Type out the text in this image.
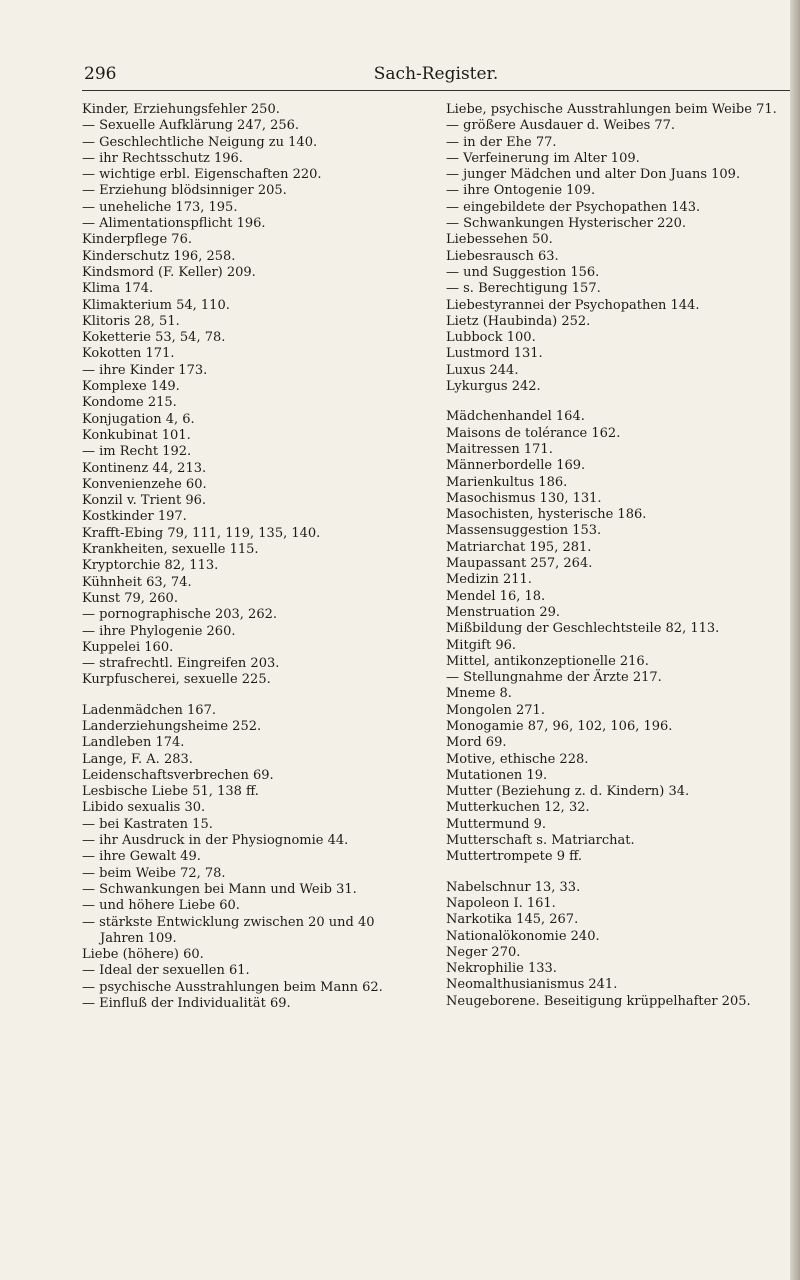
296	Sach-Register.

Kinder, Erziehungsfehler 250.

— Sexuelle Aufklärung 247, 256.

— Geschlechtliche Neigung zu 140.

— ihr Rechtsschutz 196.

— wichtige erbl. Eigenschaften 220.

— Erziehung blödsinniger 205.

— uneheliche 173, 195.

— Alimentationspflicht 196.

Kinderpflege 76.

Kinderschutz 196, 258.

Kindsmord (F. Keller) 209.

Klima 174.

Klimakterium 54, 110.

Klitoris 28, 51.

Koketterie 53, 54, 78.

Kokotten 171.

— ihre Kinder 173.

Komplexe 149.

Kondome 215.

Konjugation 4, 6.

Konkubinat 101.

— im Recht 192.

Kontinenz 44, 213.

Konvenienzehe 60.

Konzil v. Trient 96.

Kostkinder 197.

Krafft-Ebing 79, 111, 119, 135, 140.

Krankheiten, sexuelle 115.

Kryptorchie 82, 113.

Kühnheit 63, 74.

Kunst 79, 260.

— pornographische 203, 262.

— ihre Phylogenie 260.

Kuppelei 160.

— strafrechtl. Eingreifen 203.

Kurpfuscherei, sexuelle 225.

Ladenmädchen 167.

Landerziehungsheime 252.

Landleben 174.

Lange, F. A. 283.

Leidenschaftsverbrechen 69.

Lesbische Liebe 51, 138 ff.

Libido sexualis 30.

— bei Kastraten 15.

— ihr Ausdruck in der Physiognomie 44.

— ihre Gewalt 49.

— beim Weibe 72, 78.

— Schwankungen bei Mann und Weib 31.

— und höhere Liebe 60.

— stärkste Entwicklung zwischen 20 und 40 Jahren 109.

Liebe (höhere) 60.

— Ideal der sexuellen 61.

— psychische Ausstrahlungen beim Mann 62.

— Einfluß der Individualität 69.

Liebe, psychische Ausstrahlungen beim Weibe 71.

— größere Ausdauer d. Weibes 77.

— in der Ehe 77.

— Verfeinerung im Alter 109.

— junger Mädchen und alter Don Juans 109.

— ihre Ontogenie 109.

— eingebildete der Psychopathen 143.

— Schwankungen Hysterischer 220.

Liebessehen 50.

Liebesrausch 63.

— und Suggestion 156.

— s. Berechtigung 157.

Liebestyrannei der Psychopathen 144.

Lietz (Haubinda) 252.

Lubbock 100.

Lustmord 131.

Luxus 244.

Lykurgus 242.

Mädchenhandel 164.

Maisons de tolérance 162.

Maitressen 171.

Männerbordelle 169.

Marienkultus 186.

Masochismus 130, 131.

Masochisten, hysterische 186.

Massensuggestion 153.

Matriarchat 195, 281.

Maupassant 257, 264.

Medizin 211.

Mendel 16, 18.

Menstruation 29.

Mißbildung der Geschlechtsteile 82, 113.

Mitgift 96.

Mittel, antikonzeptionelle 216.

— Stellungnahme der Ärzte 217.

Mneme 8.

Mongolen 271.

Monogamie 87, 96, 102, 106, 196.

Mord 69.

Motive, ethische 228.

Mutationen 19.

Mutter (Beziehung z. d. Kindern) 34.

Mutterkuchen 12, 32.

Muttermund 9.

Mutterschaft s. Matriarchat.

Muttertrompete 9 ff.

Nabelschnur 13, 33.

Napoleon I. 161.

Narkotika 145, 267.

Nationalökonomie 240.

Neger 270.

Nekrophilie 133.

Neomalthusianismus 241.

Neugeborene. Beseitigung krüppelhafter 205.
